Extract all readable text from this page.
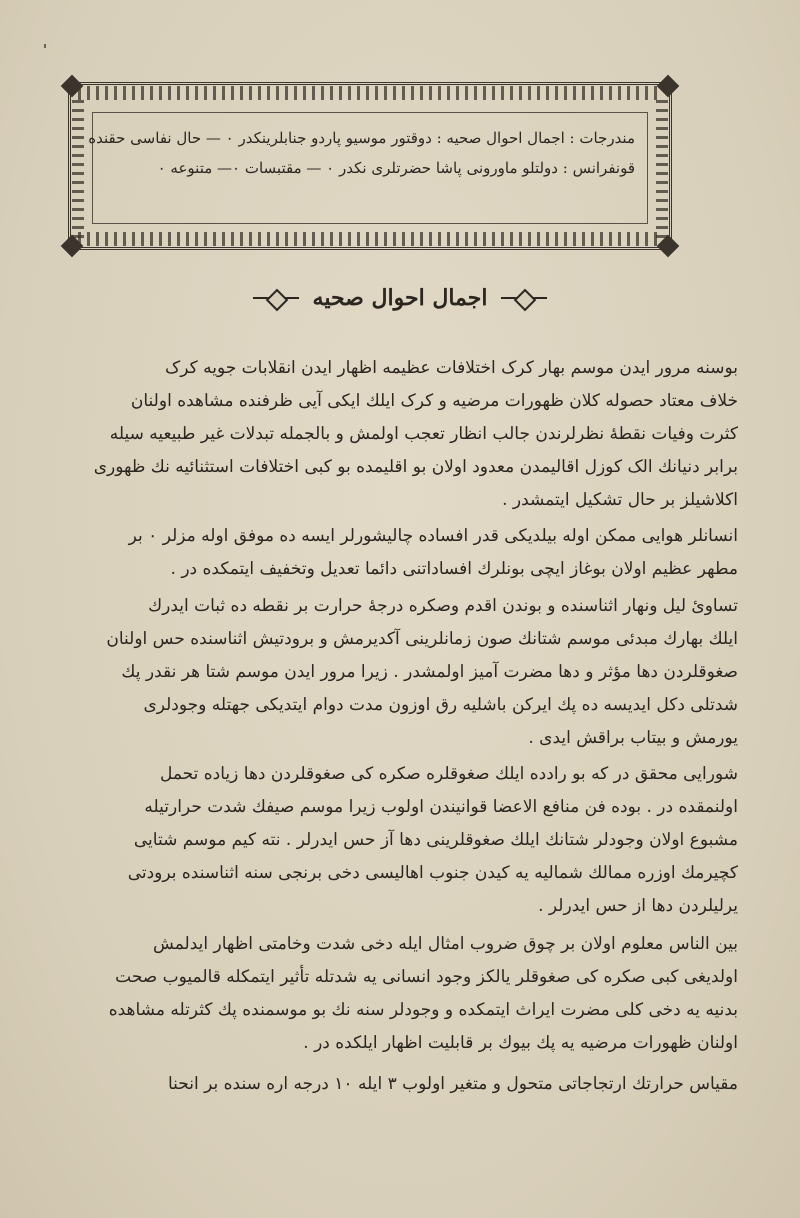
مندرجات : اجمال احوال صحیه : دوقتور موسیو پاردو جنابلرینکدر ٠ — حال نفاسی حقنده
قونفرانس : دولتلو ماورونی پاشا حضرتلری نکدر ٠ — مقتبسات ٠— متنوعه ٠
اجمال احوال صحیه
بوسنه مرور ایدن موسم بهار کرک اختلافات عظیمه اظهار ایدن انقلابات جویه کرک
خلاف معتاد حصوله کلان ظهورات مرضیه و کرک ایلك ایکی آیی ظرفنده مشاهده اولنان
کثرت وفیات نقطهٔ نظرلرندن جالب انظار تعجب اولمش و بالجمله تبدلات غیر طبیعیه سیله
برابر دنیانك الک کوزل اقالیمدن معدود اولان بو اقلیمده بو کبی اختلافات استثنائیه نك ظهوری
اکلاشیلز بر حال تشکیل ایتمشدر .
انسانلر هوایی ممکن اوله بیلدیکی قدر افساده چالیشورلر ایسه ده موفق اوله مزلر ٠ بر
مطهر عظیم اولان بوغاز ایچی بونلرك افساداتنی دائما تعدیل وتخفیف ایتمکده در .
تساوئ لیل ونهار اثناسنده و بوندن اقدم وصکره درجهٔ حرارت بر نقطه ده ثبات ایدرك
ایلك بهارك مبدئی موسم شتانك صون زمانلرینی آکدیرمش و برودتیش اثناسنده حس اولنان
صغوقلردن دها مؤثر و دها مضرت آمیز اولمشدر . زیرا مرور ایدن موسم شتا هر نقدر پك
شدتلی دکل ایدیسه ده پك ایرکن باشلیه رق اوزون مدت دوام ایتدیکی جهتله وجودلری
یورمش و بیتاب براقش ایدی .
شورایی محقق در که بو رادده ایلك صغوقلره صکره کی صغوقلردن دها زیاده تحمل
اولنمقده در . بوده فن منافع الاعضا قوانیندن اولوب زیرا موسم صیفك شدت حرارتیله
مشبوع اولان وجودلر شتانك ایلك صغوقلرینی دها آز حس ایدرلر . نته کیم موسم شتایی
کچیرمك اوزره ممالك شمالیه یه کیدن جنوب اهالیسی دخی برنجی سنه اثناسنده برودتی
یرلیلردن دها از حس ایدرلر .
بین الناس معلوم اولان بر چوق ضروب امثال ایله دخی شدت وخامتی اظهار ایدلمش
اولدیغی کبی صکره کی صغوقلر یالکز وجود انسانی یه شدتله تأثیر ایتمکله قالمیوب صحت
بدنیه یه دخی کلی مضرت ایراث ایتمکده و وجودلر سنه نك بو موسمنده پك کثرتله مشاهده
اولنان ظهورات مرضیه یه پك بیوك بر قابلیت اظهار ایلکده در .
مقیاس حرارتك ارتجاجاتی متحول و متغیر اولوب ٣ ایله ١٠ درجه اره سنده بر انحنا
